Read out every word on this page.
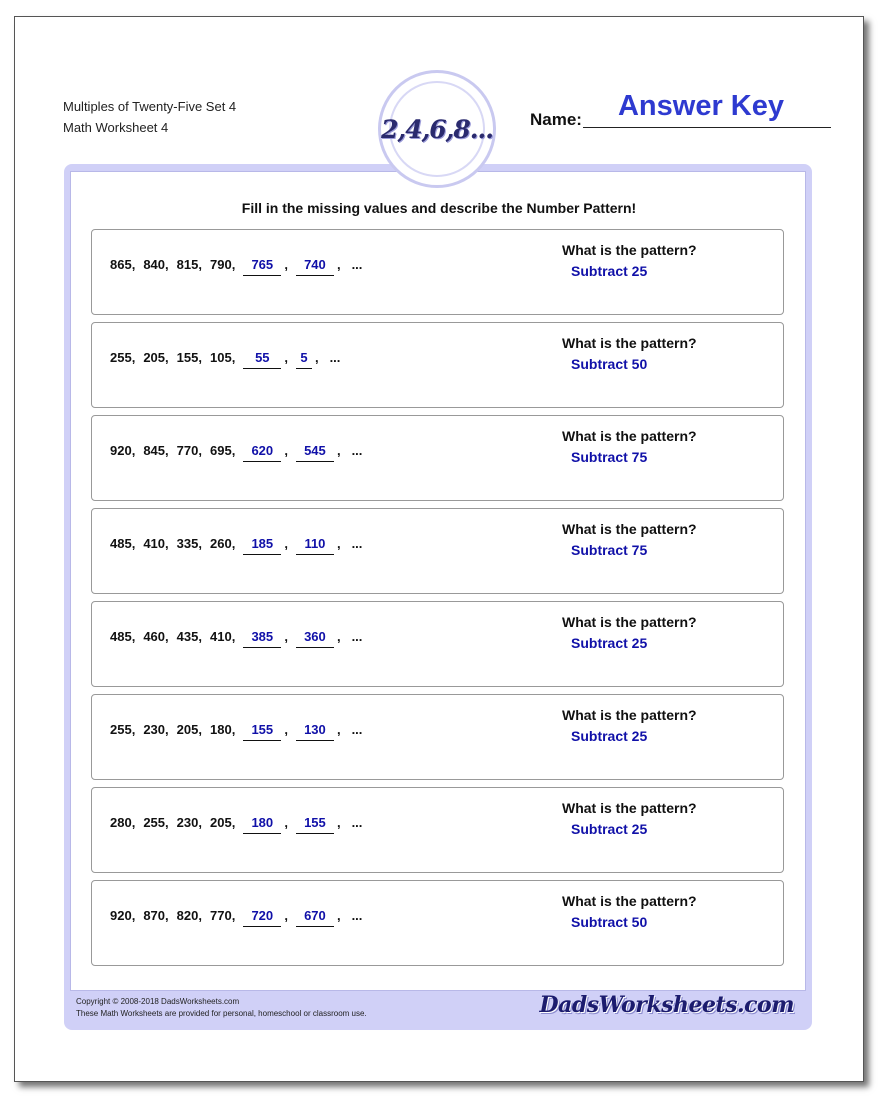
Multiples of Twenty-Five Set 4
Math Worksheet 4	2,4,6,8... Name:	Answer Key
Fill in the missing values and describe the Number Pattern!
865 , 840 , 815 , 790 ,	765 ,	740 , ...
What is the pattern?
Subtract 25
255 , 205 , 155 , 105 ,	55	, 5 , ...
What is the pattern?
Subtract 50
920 , 845 , 770 , 695 ,	620 ,	545 , ...
What is the pattern?
Subtract 75
485 , 410 , 335 , 260 ,	185 ,	110 , ...
What is the pattern?
Subtract 75
485 , 460 , 435 , 410 ,	385 ,	360 , ...
What is the pattern?
Subtract 25
255 , 230 , 205 , 180 ,	155 ,	130 , ...
What is the pattern?
Subtract 25
280 , 255 , 230 , 205 ,	180 ,	155 , ...
What is the pattern?
Subtract 25
920 , 870 , 820 , 770 ,	720 ,	670 , ...
What is the pattern?
Subtract 50
Copyright © 2008-2018 DadsWorksheets.com
These Math Worksheets are provided for personal, homeschool or classroom use.	DadsWorksheets.com
